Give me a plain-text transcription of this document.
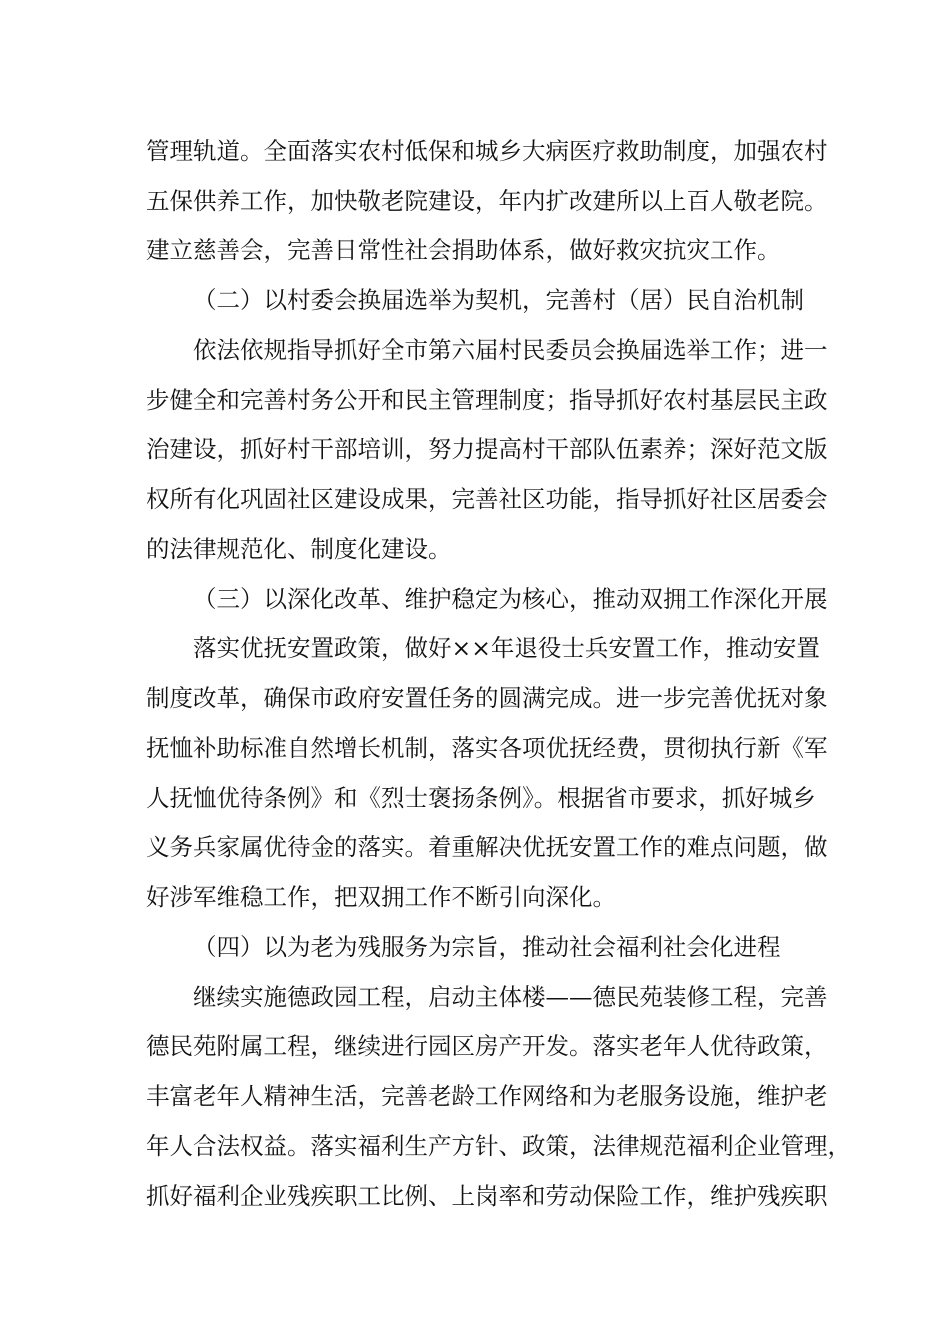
管理轨道。全面落实农村低保和城乡大病医疗救助制度，加强农村
五保供养工作，加快敬老院建设，年内扩改建所以上百人敬老院。
建立慈善会，完善日常性社会捐助体系，做好救灾抗灾工作。
（二）以村委会换届选举为契机，完善村（居）民自治机制
依法依规指导抓好全市第六届村民委员会换届选举工作；进一
步健全和完善村务公开和民主管理制度；指导抓好农村基层民主政
治建设，抓好村干部培训，努力提高村干部队伍素养；深好范文版
权所有化巩固社区建设成果，完善社区功能，指导抓好社区居委会
的法律规范化、制度化建设。
（三）以深化改革、维护稳定为核心，推动双拥工作深化开展
落实优抚安置政策，做好××年退役士兵安置工作，推动安置
制度改革，确保市政府安置任务的圆满完成。进一步完善优抚对象
抚恤补助标准自然增长机制，落实各项优抚经费，贯彻执行新《军
人抚恤优待条例》和《烈士褒扬条例》。根据省市要求，抓好城乡
义务兵家属优待金的落实。着重解决优抚安置工作的难点问题，做
好涉军维稳工作，把双拥工作不断引向深化。
（四）以为老为残服务为宗旨，推动社会福利社会化进程
继续实施德政园工程，启动主体楼——德民苑装修工程，完善
德民苑附属工程，继续进行园区房产开发。落实老年人优待政策，
丰富老年人精神生活，完善老龄工作网络和为老服务设施，维护老
年人合法权益。落实福利生产方针、政策，法律规范福利企业管理，
抓好福利企业残疾职工比例、上岗率和劳动保险工作，维护残疾职
